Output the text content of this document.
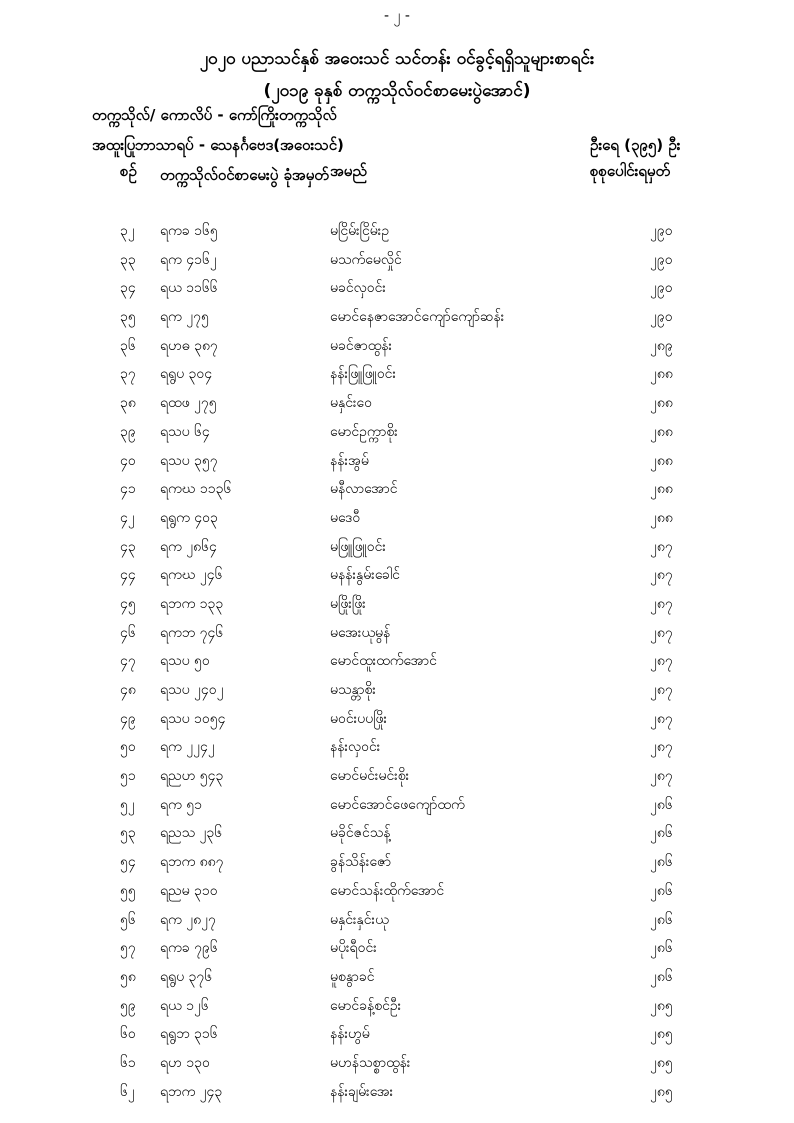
- ၂ -
၂၀၂၀ ပညာသင်နှစ် အဝေးသင် သင်တန်း ဝင်ခွင့်ရရှိသူများစာရင်း
(၂၀၁၉ ခုနှစ် တက္ကသိုလ်ဝင်စာမေးပွဲအောင်)
တက္ကသိုလ်/ ကောလိပ် - ကော်ကြိုးတက္ကသိုလ်
အထူးပြုဘာသာရပ် - သေနင်္ဂဗေဒ(အဝေးသင်)	ဦးရေ (၃၉၅) ဦး
စဉ် တက္ကသိုလ်ဝင်စာမေးပွဲ ခုံအမှတ် အမည်	စုစုပေါင်းရမှတ်
၃၂ ရကခ ၁၆၅	မငြိမ်းငြိမ်းဥ	၂၉၀
၃၃ ရက ၄၁၆၂	မသက်မေလှိုင်	၂၉၀
၃၄ ရယ ၁၁၆၆	မခင်လှဝင်း	၂၉၀
၃၅ ရက ၂၇၅	မောင်နေဇာအောင်ကျော်ကျော်ဆန်း	၂၉၀
၃၆ ရဟဓ ၃၈၇	မခင်ဇာထွန်း	၂၈၉
၃၇ ရရွပ ၃၀၄	နန်းဖြူဖြူဝင်း	၂၈၈
၃၈ ရထဖ ၂၇၅	မနှင်းဝေ	၂၈၈
၃၉ ရသပ ၆၄	မောင်ဥက္ကာစိုး	၂၈၈
၄၀ ရသပ ၃၅၇	နန်းအွမ်	၂၈၈
၄၁ ရကဃ ၁၁၃၆	မနီလာအောင်	၂၈၈
၄၂ ရရွက ၄၀၃	မဒေဝီ	၂၈၈
၄၃ ရက ၂၈၆၄	မဖြူဖြူဝင်း	၂၈၇
၄၄ ရကဃ ၂၄၆	မနန်းနွမ်းခေါင်	၂၈၇
၄၅ ရဘက ၁၃၃	မဖြိုးဖြိုး	၂၈၇
၄၆ ရကဘ ၇၄၆	မအေးယုမွန်	၂၈၇
၄၇ ရသပ ၅၀	မောင်ထူးထက်အောင်	၂၈၇
၄၈ ရသပ ၂၄၀၂	မသန္တာစိုး	၂၈၇
၄၉ ရသပ ၁၀၅၄	မဝင်းပပဖြိုး	၂၈၇
၅၀ ရက ၂၂၄၂	နန်းလှဝင်း	၂၈၇
၅၁ ရညဟ ၅၄၃	မောင်မင်းမင်းစိုး	၂၈၇
၅၂ ရက ၅၁	မောင်အောင်ဖေကျော်ထက်	၂၈၆
၅၃ ရညသ ၂၃၆	မခိုင်ဇင်သန့်	၂၈၆
၅၄ ရဘက ၈၈၇	ခွန်သိန်းဇော်	၂၈၆
၅၅ ရညမ ၃၁၀	မောင်သန်းထိုက်အောင်	၂၈၆
၅၆ ရက ၂၈၂၇	မနှင်းနှင်းယု	၂၈၆
၅၇ ရကခ ၇၉၆	မပိုးရီဝင်း	၂၈၆
၅၈ ရရွပ ၃၇၆	မူစနွာခင်	၂၈၆
၅၉ ရယ ၁၂၆	မောင်ခန့်စင်ဦး	၂၈၅
၆၀ ရရွဘ ၃၁၆	နန်းဟွမ်	၂၈၅
၆၁ ရဟ ၁၃၀	မဟန်သစ္စာထွန်း	၂၈၅
၆၂ ရဘက ၂၄၃	နန်းချမ်းအေး	၂၈၅
